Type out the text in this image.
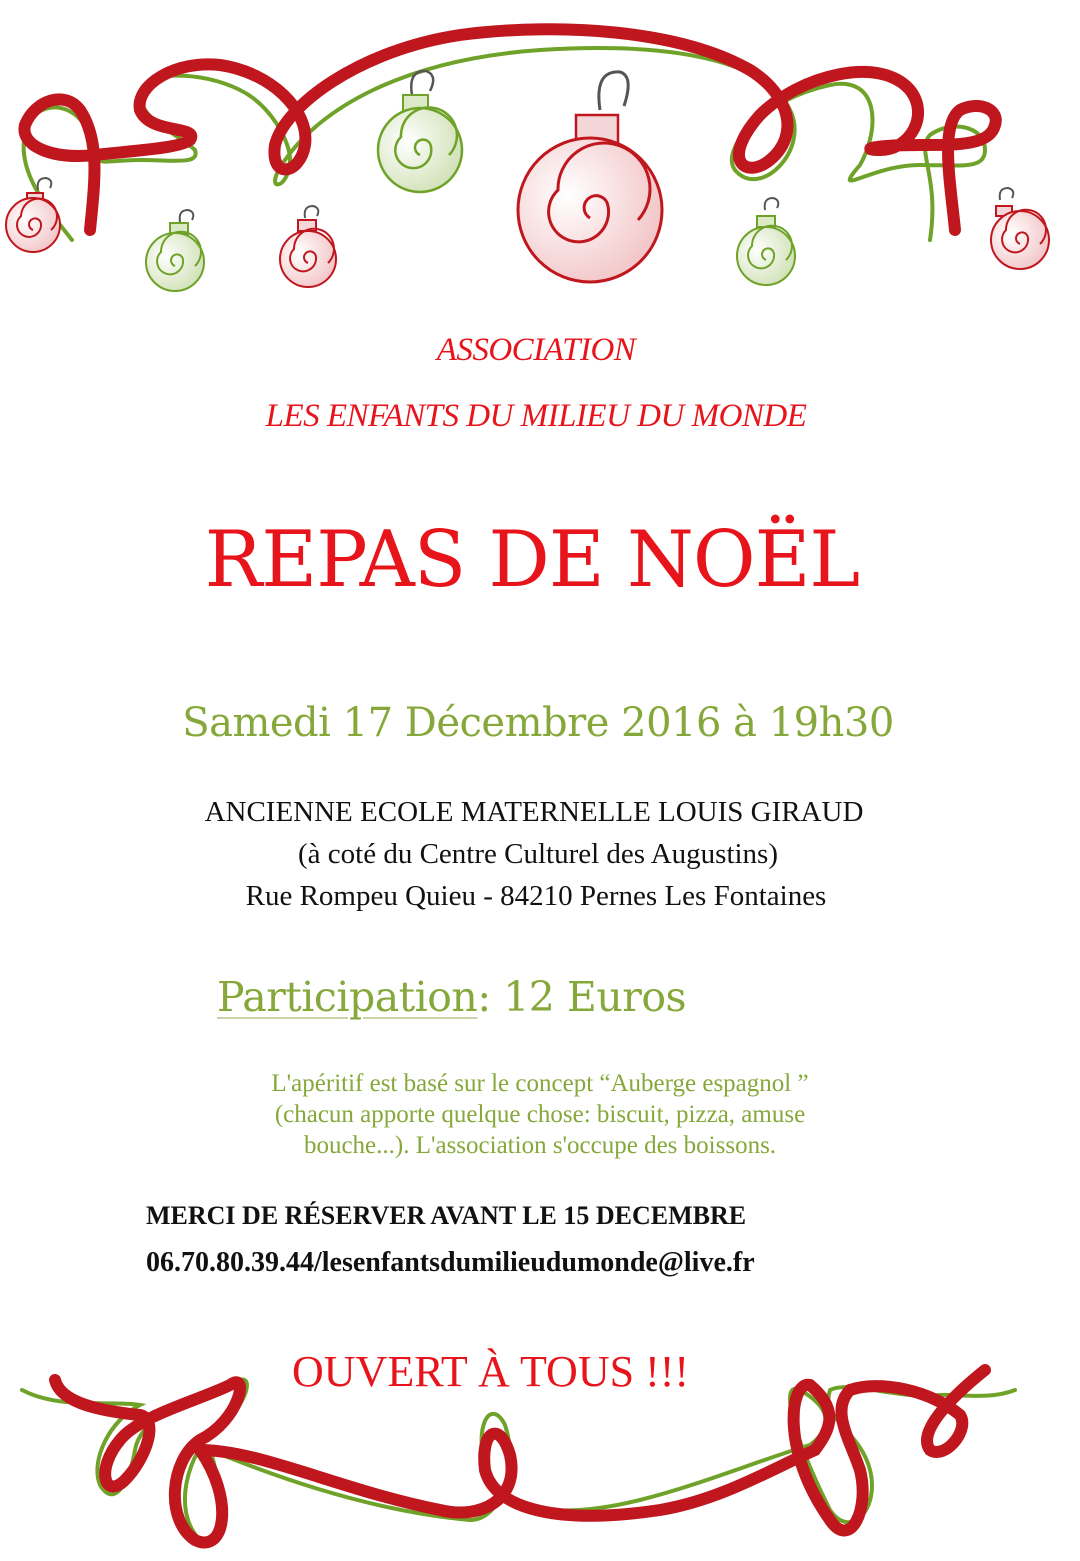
ASSOCIATION
LES ENFANTS DU MILIEU DU MONDE
REPAS DE NOËL
Samedi 17 Décembre 2016 à 19h30
ANCIENNE ECOLE MATERNELLE LOUIS GIRAUD
(à coté du Centre Culturel des Augustins)
Rue Rompeu Quieu - 84210 Pernes Les Fontaines
Participation: 12 Euros
L'apéritif est basé sur le concept “Auberge espagnol ”
(chacun apporte quelque chose: biscuit, pizza, amuse
bouche...). L'association s'occupe des boissons.
MERCI DE RÉSERVER AVANT LE 15 DECEMBRE
06.70.80.39.44/lesenfantsdumilieudumonde@live.fr
OUVERT À TOUS !!!
